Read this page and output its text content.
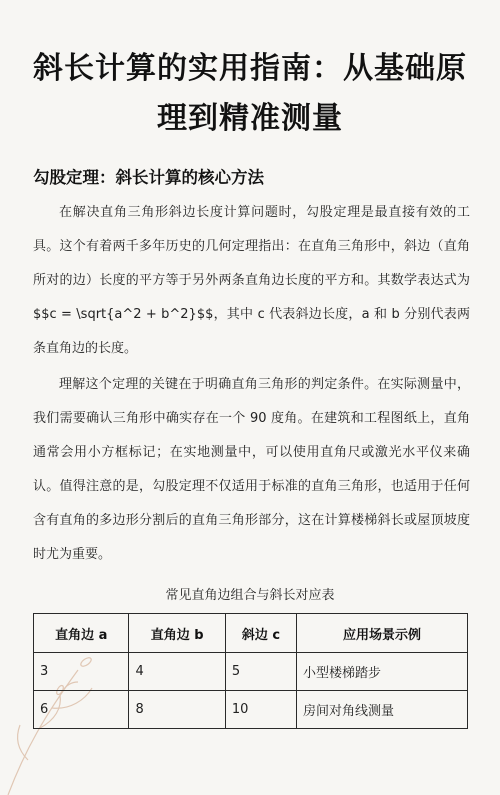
斜长计算的实用指南：从基础原理到精准测量
勾股定理：斜长计算的核心方法

在解决直角三角形斜边长度计算问题时，勾股定理是最直接有效的工具。这个有着两千多年历史的几何定理指出：在直角三角形中，斜边（直角所对的边）长度的平方等于另外两条直角边长度的平方和。其数学表达式为$$c = \sqrt{a^2 + b^2}$$，其中 c 代表斜边长度，a 和 b 分别代表两条直角边的长度。

理解这个定理的关键在于明确直角三角形的判定条件。在实际测量中，我们需要确认三角形中确实存在一个 90 度角。在建筑和工程图纸上，直角通常会用小方框标记；在实地测量中，可以使用直角尺或激光水平仪来确认。值得注意的是，勾股定理不仅适用于标准的直角三角形，也适用于任何含有直角的多边形分割后的直角三角形部分，这在计算楼梯斜长或屋顶坡度时尤为重要。

常见直角边组合与斜长对应表
直角边 a	直角边 b	斜边 c	应用场景示例
3	4	5	小型楼梯踏步
6	8	10	房间对角线测量
